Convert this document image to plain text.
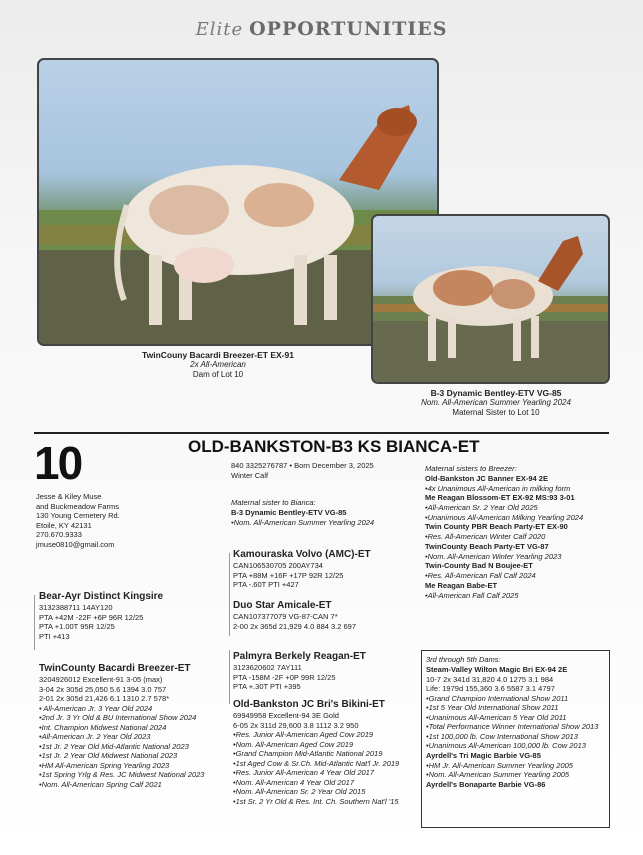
Elite OPPORTUNITIES
TwinCouny Bacardi Breezer-ET EX-91
2x All-American
Dam of Lot 10
B-3 Dynamic Bentley-ETV VG-85
Nom. All-American Summer Yearling 2024
Maternal Sister to Lot 10
10	OLD-BANKSTON-B3 KS BIANCA-ET
Jesse & Kiley Muse
and Buckmeadow Farms
130 Young Cemetery Rd.
Etoile, KY 42131
270.670.9333
jmuse0810@gmail.com
840 3325276787 • Born December 3, 2025
Winter Calf
Maternal sister to Bianca:
B-3 Dynamic Bentley-ETV VG-85
•Nom. All-American Summer Yearling 2024
Bear-Ayr Distinct Kingsire
3132388711 14AY120
PTA +42M -22F +6P 96R 12/25
PTA +1.00T 95R 12/25
PTI +413
TwinCounty Bacardi Breezer-ET
3204926012 Excellent-91 3-05 (max)
3-04 2x 305d 25,050 5.6 1394 3.0 757
2-01 2x 305d 21,426 6.1 1310 2.7 578*
• All-American Jr. 3 Year Old 2024
•2nd Jr. 3 Yr Old & BU International Show 2024
•Int. Champion Midwest National 2024
•All-American Jr. 2 Year Old 2023
•1st Jr. 2 Year Old Mid-Atlantic National 2023
•1st Jr. 2 Year Old Midwest National 2023
•HM All-American Spring Yearling 2023
•1st Spring Yrlg & Res. JC Midwest National 2023
•Nom. All-American Spring Calf 2021
Kamouraska Volvo (AMC)-ET
CAN106530705 200AY734
PTA +88M +16F +17P 92R 12/25
PTA -.60T PTI +427
Duo Star Amicale-ET
CAN107377079 VG-87-CAN 7*
2-00 2x 365d 21,929 4.0 884 3.2 697
Palmyra Berkely Reagan-ET
3123620602 7AY111
PTA -158M -2F +0P 99R 12/25
PTA +.30T PTI +395
Old-Bankston JC Bri's Bikini-ET
69949958 Excellent-94 3E Gold
6-05 2x 311d 29,600 3.8 1112 3.2 950
•Res. Junior All-American Aged Cow 2019
•Nom. All-American Aged Cow 2019
•Grand Champion Mid-Atlantic National 2019
•1st Aged Cow & Sr.Ch. Mid-Atlantic Nat'l Jr. 2019
•Res. Junior All-American 4 Year Old 2017
•Nom. All-American 4 Year Old 2017
•Nom. All-American Sr. 2 Year Old 2015
•1st Sr. 2 Yr Old & Res. Int. Ch. Southern Nat'l '15
Maternal sisters to Breezer:
Old-Bankston JC Banner EX-94 2E
•4x Unanimous All-American in milking form
Me Reagan Blossom-ET EX-92 MS:93 3-01
•All-American Sr. 2 Year Old 2025
•Unanimous All-American Milking Yearling 2024
Twin County PBR Beach Party-ET EX-90
•Res. All-American Winter Calf 2020
TwinCounty Beach Party-ET VG-87
•Nom. All-American Winter Yearling 2023
Twin-County Bad N Boujee-ET
•Res. All-American Fall Calf 2024
Me Reagan Babe-ET
•All-American Fall Calf 2025
3rd through 5th Dams:
Steam-Valley Wilton Magic Bri EX-94 2E
10-7 2x 341d 31,820 4.0 1275 3.1 984
Life: 1979d 155,360 3.6 5587 3.1 4797
•Grand Champion International Show 2011
•1st 5 Year Old International Show 2011
•Unanimous All-American 5 Year Old 2011
•Total Performance Winner International Show 2013
•1st 100,000 lb. Cow International Show 2013
•Unanimous All-American 100,000 lb. Cow 2013
Ayrdell's Tri Magic Barbie VG-85
•HM Jr. All-American Summer Yearling 2005
•Nom. All-American Summer Yearling 2005
Ayrdell's Bonaparte Barbie VG-86
